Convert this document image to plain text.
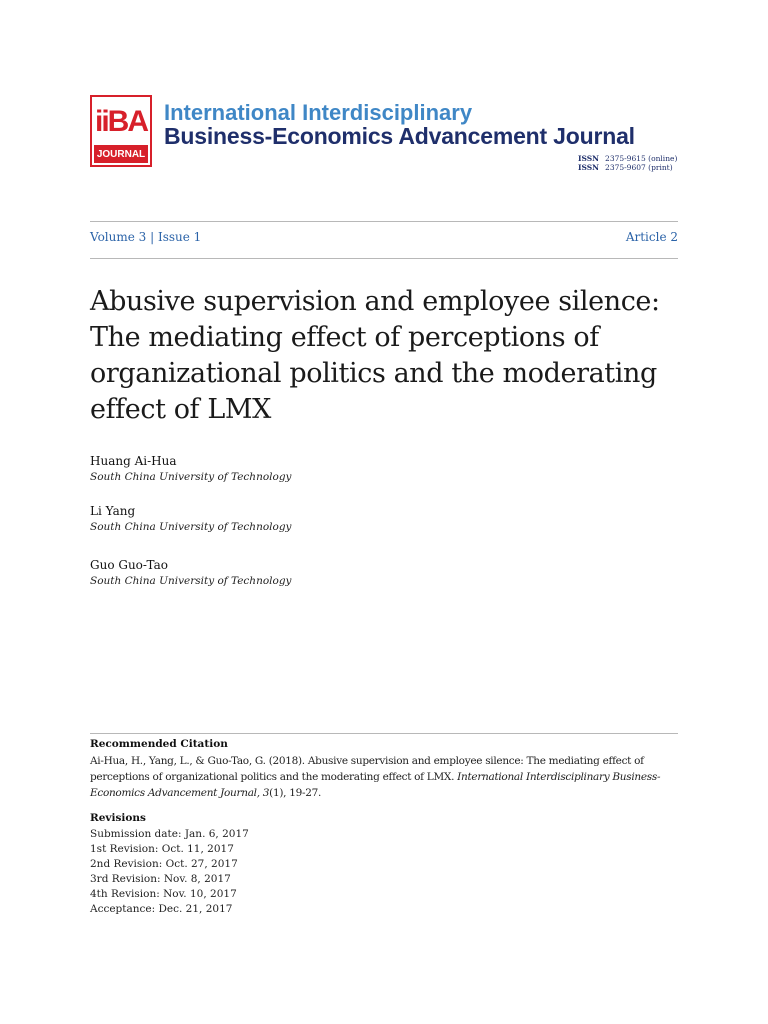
iiBA
JOURNAL
International Interdisciplinary
Business-Economics Advancement Journal
ISSN 2375-9615 (online)
ISSN 2375-9607 (print)
Volume 3 | Issue 1	Article 2
Abusive supervision and employee silence: The mediating effect of perceptions of organizational politics and the moderating effect of LMX
Huang Ai-Hua
South China University of Technology
Li Yang
South China University of Technology
Guo Guo-Tao
South China University of Technology
Recommended Citation
Ai-Hua, H., Yang, L., & Guo-Tao, G. (2018). Abusive supervision and employee silence: The mediating effect of perceptions of organizational politics and the moderating effect of LMX. International Interdisciplinary Business-Economics Advancement Journal, 3(1), 19-27.
Revisions
Submission date: Jan. 6, 2017
1st Revision: Oct. 11, 2017
2nd Revision: Oct. 27, 2017
3rd Revision: Nov. 8, 2017
4th Revision: Nov. 10, 2017
Acceptance: Dec. 21, 2017
